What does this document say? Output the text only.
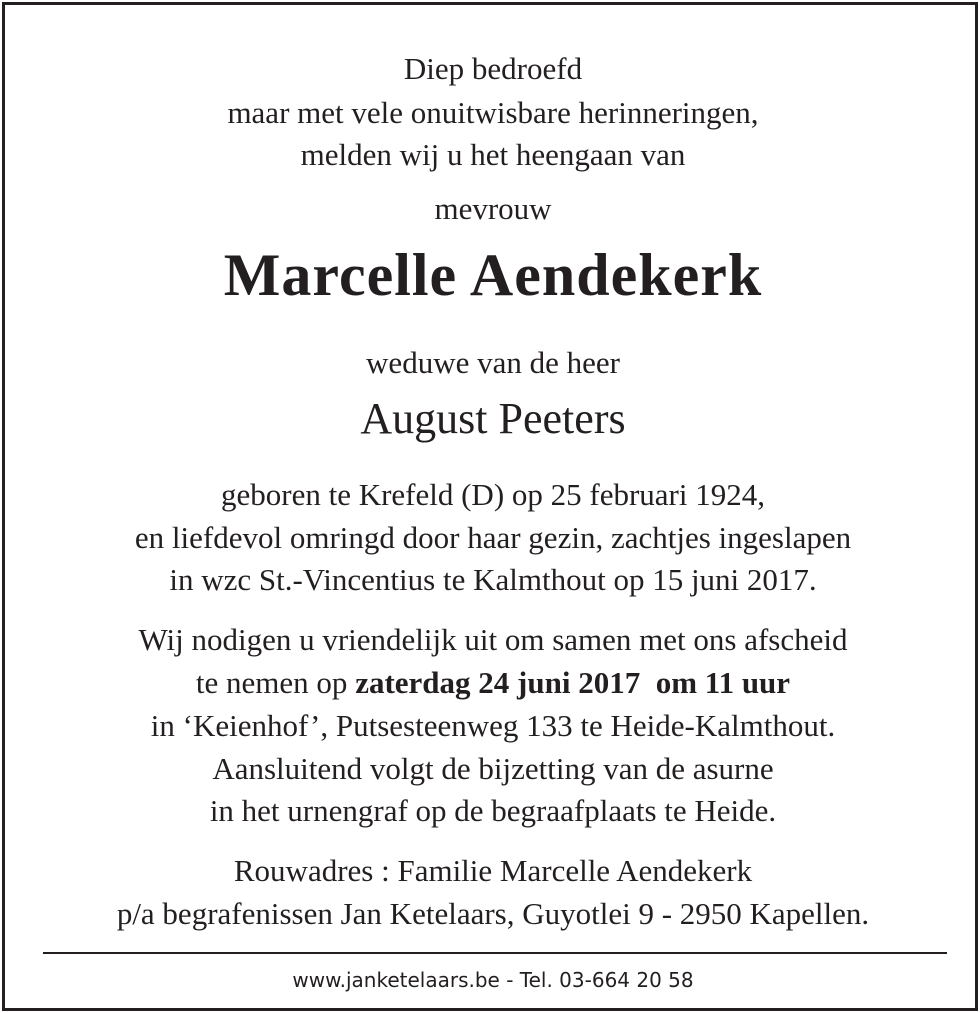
Diep bedroefd
maar met vele onuitwisbare herinneringen,
melden wij u het heengaan van
mevrouw
Marcelle Aendekerk
weduwe van de heer
August Peeters
geboren te Krefeld (D) op 25 februari 1924,
en liefdevol omringd door haar gezin, zachtjes ingeslapen
in wzc St.-Vincentius te Kalmthout op 15 juni 2017.
Wij nodigen u vriendelijk uit om samen met ons afscheid
te nemen op zaterdag 24 juni 2017 om 11 uur
in ‘Keienhof’, Putsesteenweg 133 te Heide-Kalmthout.
Aansluitend volgt de bijzetting van de asurne
in het urnengraf op de begraafplaats te Heide.
Rouwadres : Familie Marcelle Aendekerk
p/a begrafenissen Jan Ketelaars, Guyotlei 9 - 2950 Kapellen.
www.janketelaars.be - Tel. 03-664 20 58
